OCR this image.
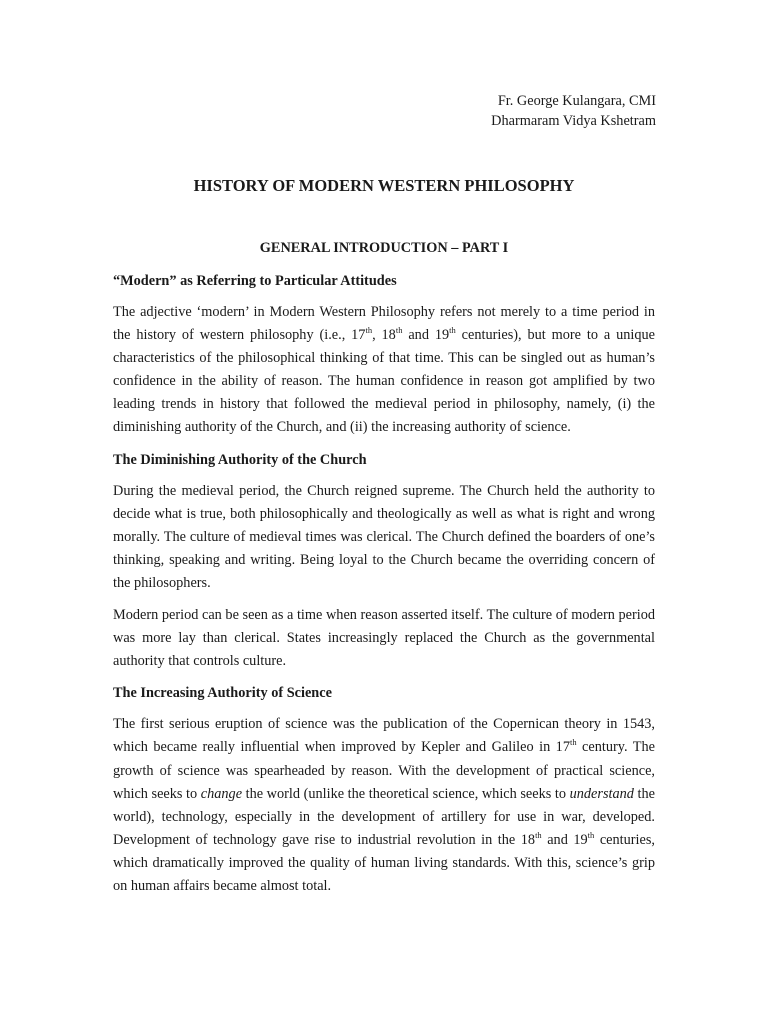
Fr. George Kulangara, CMI
Dharmaram Vidya Kshetram
HISTORY OF MODERN WESTERN PHILOSOPHY
GENERAL INTRODUCTION – PART I
“Modern” as Referring to Particular Attitudes

The adjective ‘modern’ in Modern Western Philosophy refers not merely to a time period in the history of western philosophy (i.e., 17th, 18th and 19th centuries), but more to a unique characteristics of the philosophical thinking of that time. This can be singled out as human’s confidence in the ability of reason. The human confidence in reason got amplified by two leading trends in history that followed the medieval period in philosophy, namely, (i) the diminishing authority of the Church, and (ii) the increasing authority of science.

The Diminishing Authority of the Church

During the medieval period, the Church reigned supreme. The Church held the authority to decide what is true, both philosophically and theologically as well as what is right and wrong morally. The culture of medieval times was clerical. The Church defined the boarders of one’s thinking, speaking and writing. Being loyal to the Church became the overriding concern of the philosophers.

Modern period can be seen as a time when reason asserted itself. The culture of modern period was more lay than clerical. States increasingly replaced the Church as the governmental authority that controls culture.

The Increasing Authority of Science

The first serious eruption of science was the publication of the Copernican theory in 1543, which became really influential when improved by Kepler and Galileo in 17th century. The growth of science was spearheaded by reason. With the development of practical science, which seeks to change the world (unlike the theoretical science, which seeks to understand the world), technology, especially in the development of artillery for use in war, developed. Development of technology gave rise to industrial revolution in the 18th and 19th centuries, which dramatically improved the quality of human living standards. With this, science’s grip on human affairs became almost total.
